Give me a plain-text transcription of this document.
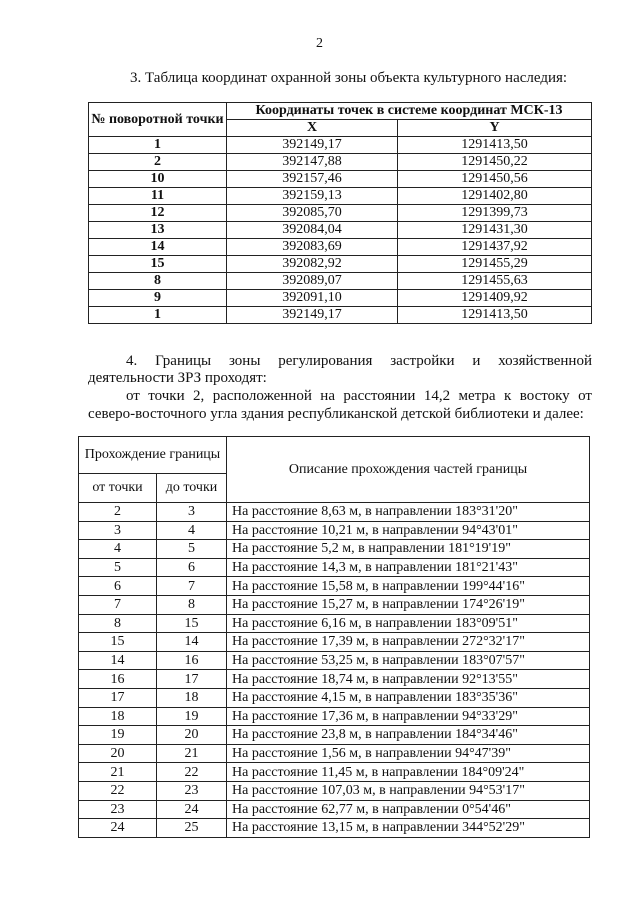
2
3. Таблица координат охранной зоны объекта культурного наследия:
№ поворотной точки	Координаты точек в системе координат МСК-13	
	X	Y
1	392149,17	1291413,50
2	392147,88	1291450,22
10	392157,46	1291450,56
11	392159,13	1291402,80
12	392085,70	1291399,73
13	392084,04	1291431,30
14	392083,69	1291437,92
15	392082,92	1291455,29
8	392089,07	1291455,63
9	392091,10	1291409,92
1	392149,17	1291413,50
4. Границы зоны регулирования застройки и хозяйственной
деятельности ЗРЗ проходят:
от точки 2, расположенной на расстоянии 14,2 метра к востоку от
северо-восточного угла здания республиканской детской библиотеки и далее:
Прохождение границы		Описание прохождения частей границы
от точки	до точки	
2	3	На расстояние 8,63 м, в направлении 183°31'20"
3	4	На расстояние 10,21 м, в направлении 94°43'01"
4	5	На расстояние 5,2 м, в направлении 181°19'19"
5	6	На расстояние 14,3 м, в направлении 181°21'43"
6	7	На расстояние 15,58 м, в направлении 199°44'16"
7	8	На расстояние 15,27 м, в направлении 174°26'19"
8	15	На расстояние 6,16 м, в направлении 183°09'51"
15	14	На расстояние 17,39 м, в направлении 272°32'17"
14	16	На расстояние 53,25 м, в направлении 183°07'57"
16	17	На расстояние 18,74 м, в направлении 92°13'55"
17	18	На расстояние 4,15 м, в направлении 183°35'36"
18	19	На расстояние 17,36 м, в направлении 94°33'29"
19	20	На расстояние 23,8 м, в направлении 184°34'46"
20	21	На расстояние 1,56 м, в направлении 94°47'39"
21	22	На расстояние 11,45 м, в направлении 184°09'24"
22	23	На расстояние 107,03 м, в направлении 94°53'17"
23	24	На расстояние 62,77 м, в направлении 0°54'46"
24	25	На расстояние 13,15 м, в направлении 344°52'29"
